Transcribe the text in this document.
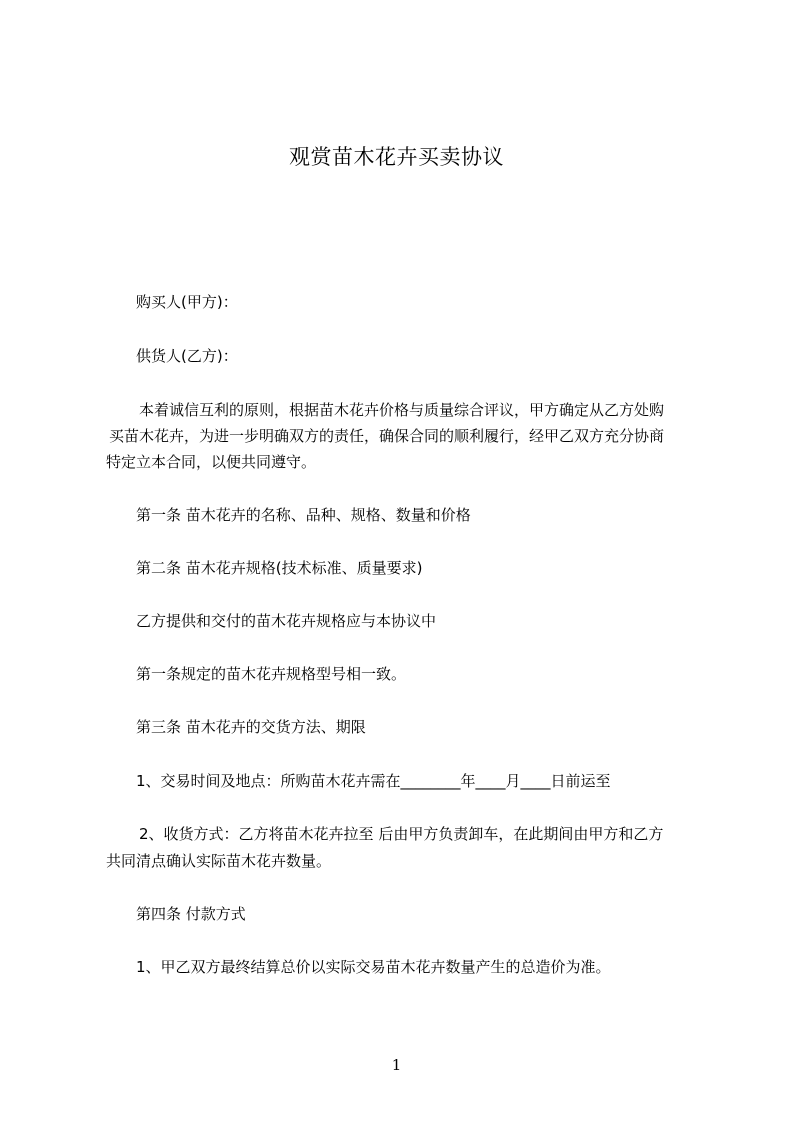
观赏苗木花卉买卖协议
购买人(甲方)：
供货人(乙方)：
本着诚信互利的原则，根据苗木花卉价格与质量综合评议，甲方确定从乙方处购
买苗木花卉，为进一步明确双方的责任，确保合同的顺利履行，经甲乙双方充分协商
特定立本合同，以便共同遵守。
第一条 苗木花卉的名称、品种、规格、数量和价格
第二条 苗木花卉规格(技术标准、质量要求)
乙方提供和交付的苗木花卉规格应与本协议中
第一条规定的苗木花卉规格型号相一致。
第三条 苗木花卉的交货方法、期限
1、交易时间及地点：所购苗木花卉需在________年____月____日前运至
2、收货方式：乙方将苗木花卉拉至 后由甲方负责卸车，在此期间由甲方和乙方
共同清点确认实际苗木花卉数量。
第四条 付款方式
1、甲乙双方最终结算总价以实际交易苗木花卉数量产生的总造价为准。
1
